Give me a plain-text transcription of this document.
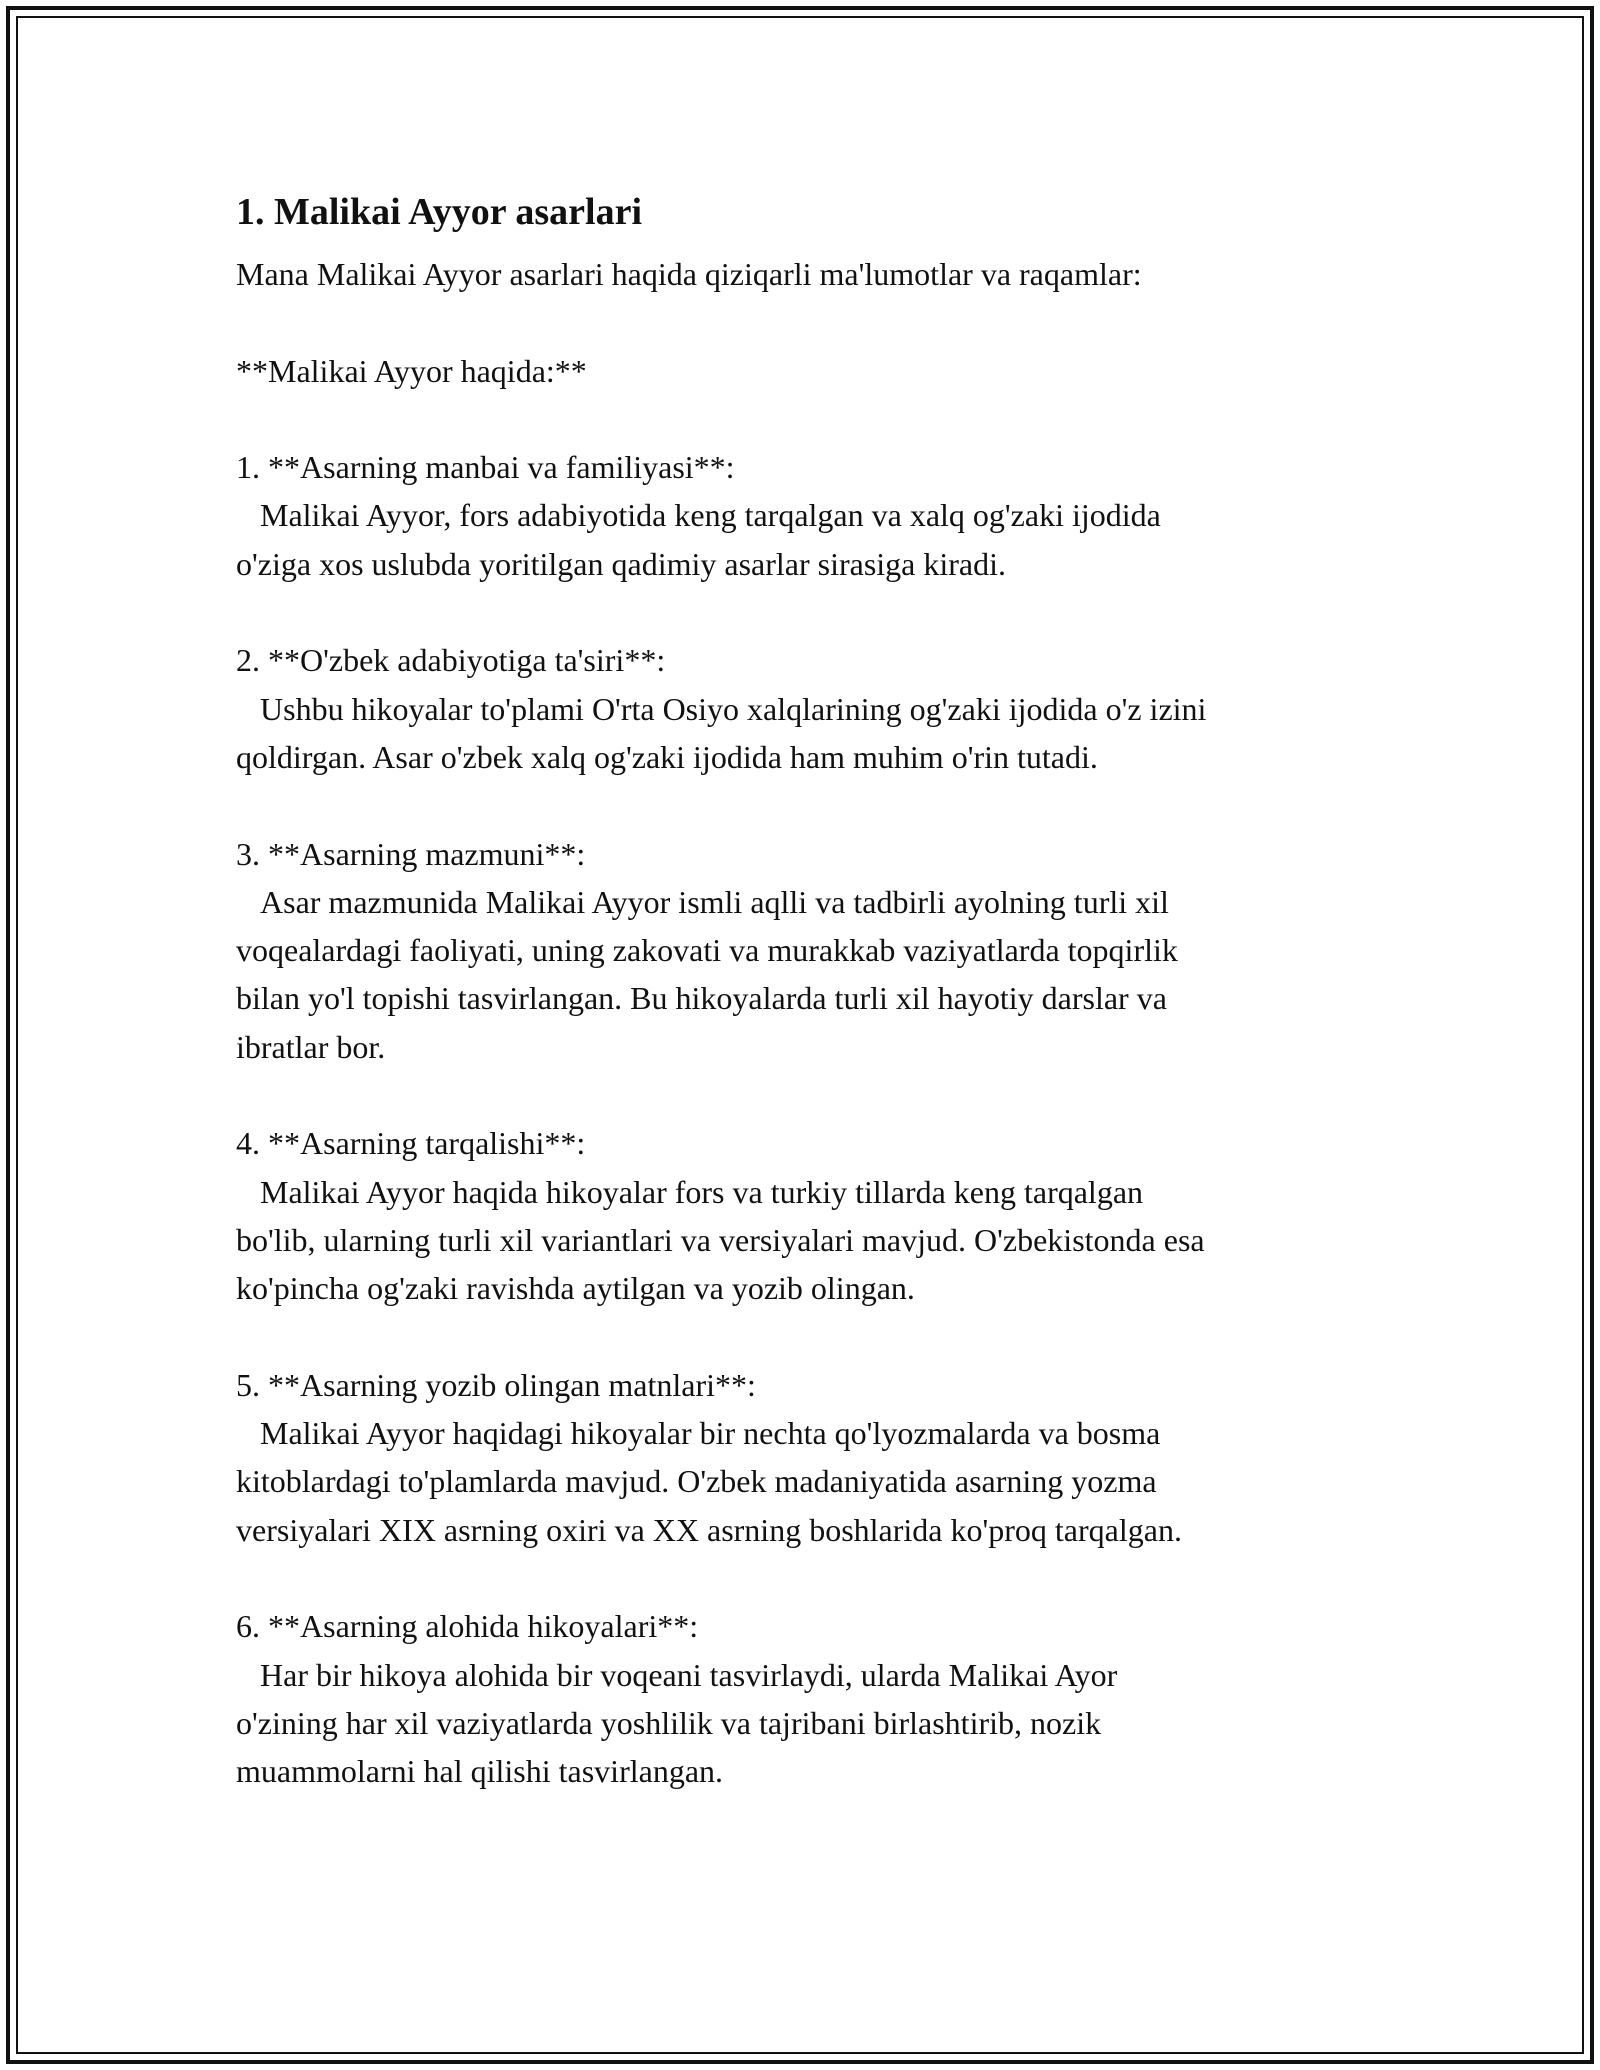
1. Malikai Ayyor asarlari
Mana Malikai Ayyor asarlari haqida qiziqarli ma'lumotlar va raqamlar:

**Malikai Ayyor haqida:**

1. **Asarning manbai va familiyasi**:
Malikai Ayyor, fors adabiyotida keng tarqalgan va xalq og'zaki ijodida
o'ziga xos uslubda yoritilgan qadimiy asarlar sirasiga kiradi.

2. **O'zbek adabiyotiga ta'siri**:
Ushbu hikoyalar to'plami O'rta Osiyo xalqlarining og'zaki ijodida o'z izini
qoldirgan. Asar o'zbek xalq og'zaki ijodida ham muhim o'rin tutadi.

3. **Asarning mazmuni**:
Asar mazmunida Malikai Ayyor ismli aqlli va tadbirli ayolning turli xil
voqealardagi faoliyati, uning zakovati va murakkab vaziyatlarda topqirlik
bilan yo'l topishi tasvirlangan. Bu hikoyalarda turli xil hayotiy darslar va
ibratlar bor.

4. **Asarning tarqalishi**:
Malikai Ayyor haqida hikoyalar fors va turkiy tillarda keng tarqalgan
bo'lib, ularning turli xil variantlari va versiyalari mavjud. O'zbekistonda esa
ko'pincha og'zaki ravishda aytilgan va yozib olingan.

5. **Asarning yozib olingan matnlari**:
Malikai Ayyor haqidagi hikoyalar bir nechta qo'lyozmalarda va bosma
kitoblardagi to'plamlarda mavjud. O'zbek madaniyatida asarning yozma
versiyalari XIX asrning oxiri va XX asrning boshlarida ko'proq tarqalgan.

6. **Asarning alohida hikoyalari**:
Har bir hikoya alohida bir voqeani tasvirlaydi, ularda Malikai Ayor
o'zining har xil vaziyatlarda yoshlilik va tajribani birlashtirib, nozik
muammolarni hal qilishi tasvirlangan.
